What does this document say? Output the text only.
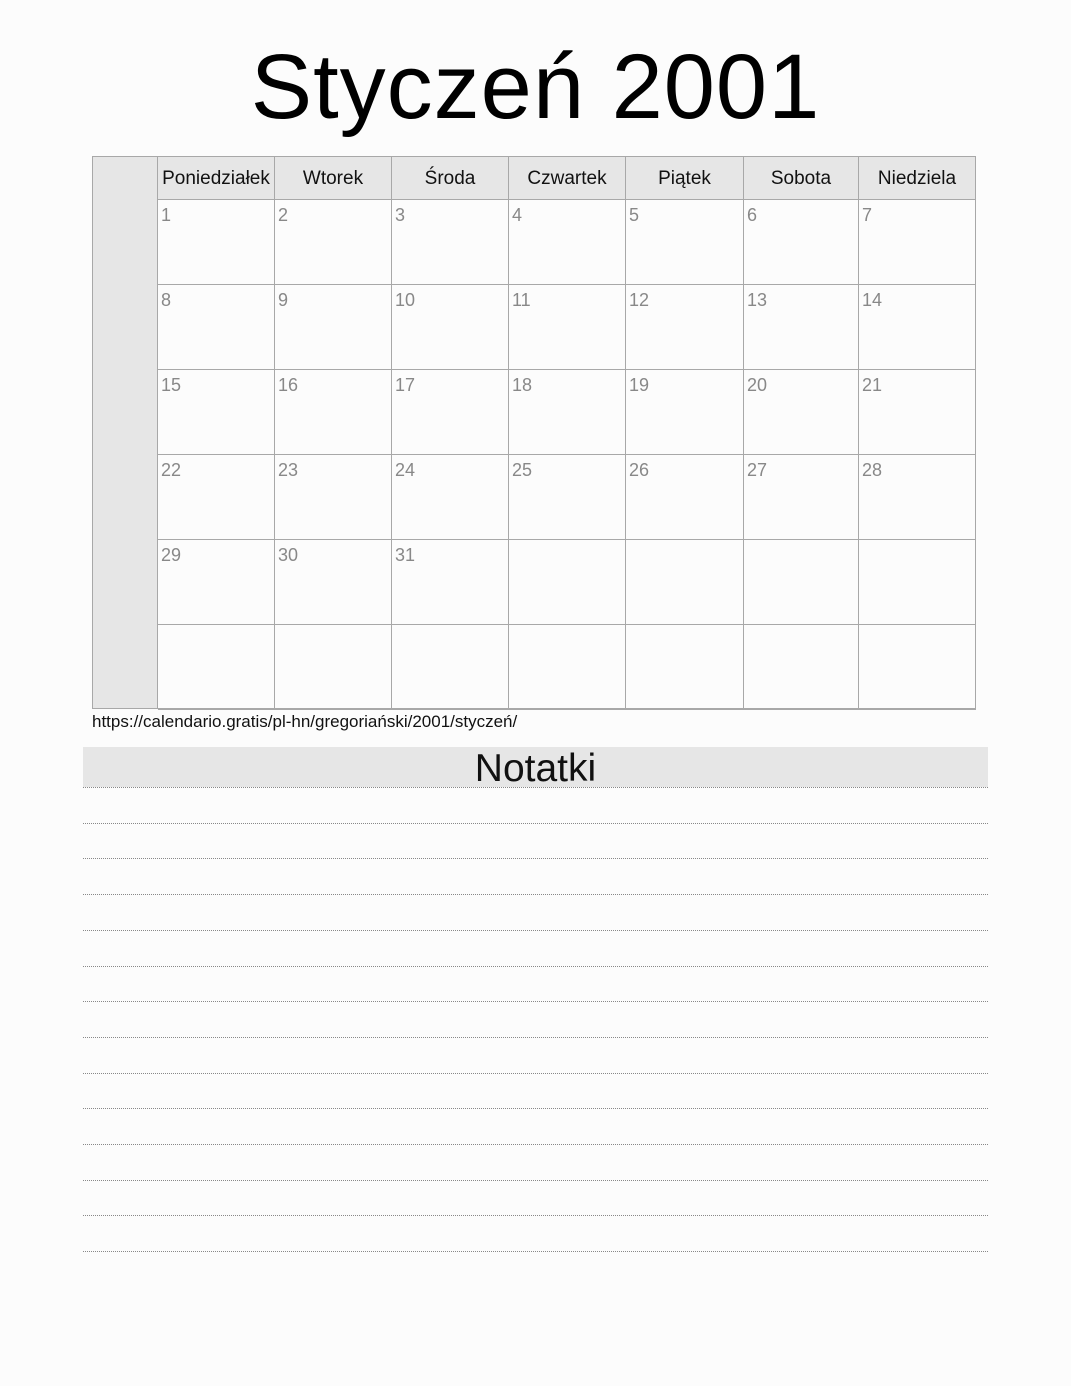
Styczeń 2001
Poniedziałek	Wtorek	Środa	Czwartek	Piątek	Sobota	Niedziela
1	2	3	4	5	6	7
8	9	10	11	12	13	14
15	16	17	18	19	20	21
22	23	24	25	26	27	28
29	30	31
https://calendario.gratis/pl-hn/gregoriański/2001/styczeń/
Notatki
